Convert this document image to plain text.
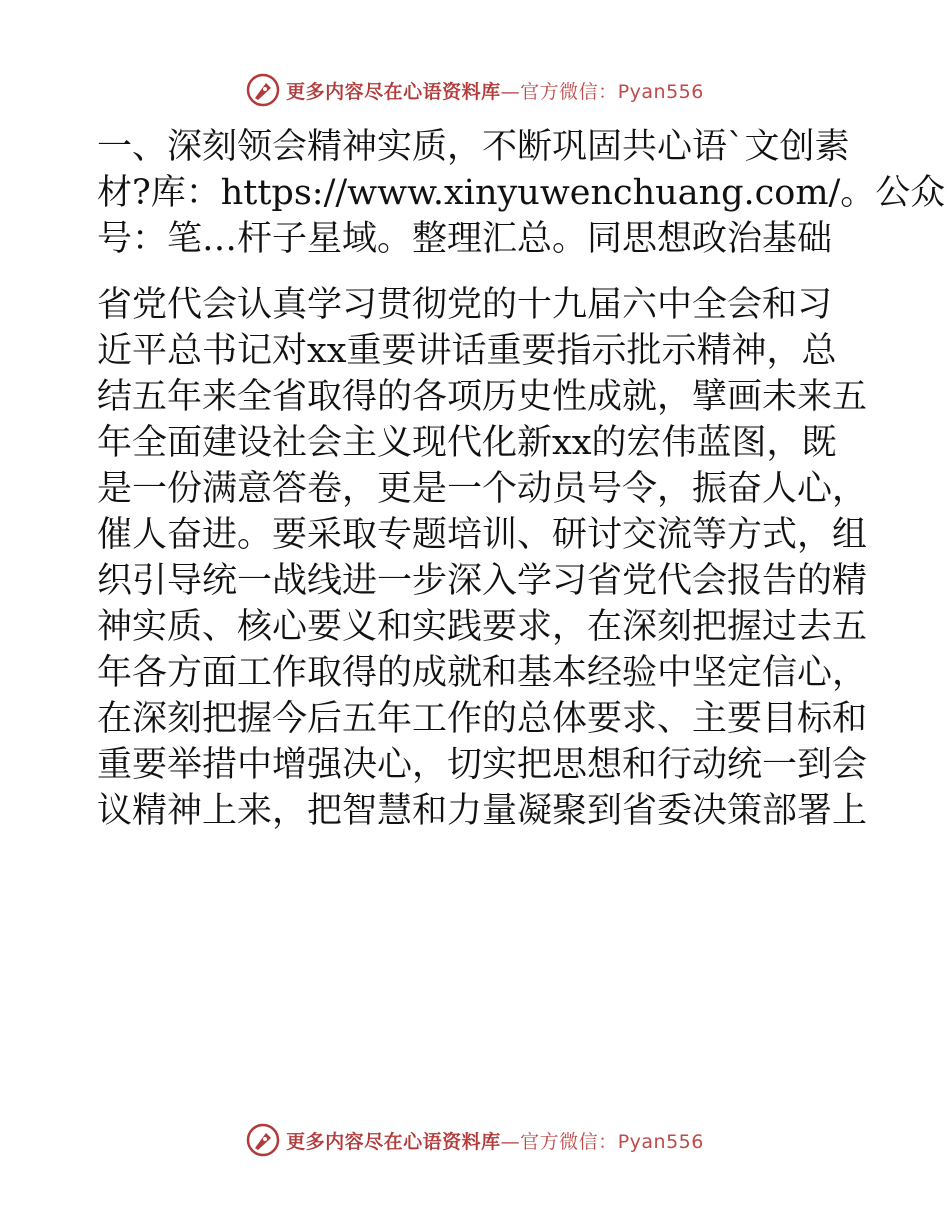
更多内容尽在心语资料库—官方微信：Pyan556

一、深刻领会精神实质，不断巩固共心语`文创素
材?库：https://www.xinyuwenchuang.com/。公众
号：笔…杆子星域。整理汇总。同思想政治基础

省党代会认真学习贯彻党的十九届六中全会和习
近平总书记对xx重要讲话重要指示批示精神，总
结五年来全省取得的各项历史性成就，擘画未来五
年全面建设社会主义现代化新xx的宏伟蓝图，既
是一份满意答卷，更是一个动员号令，振奋人心，
催人奋进。要采取专题培训、研讨交流等方式，组
织引导统一战线进一步深入学习省党代会报告的精
神实质、核心要义和实践要求，在深刻把握过去五
年各方面工作取得的成就和基本经验中坚定信心，
在深刻把握今后五年工作的总体要求、主要目标和
重要举措中增强决心，切实把思想和行动统一到会
议精神上来，把智慧和力量凝聚到省委决策部署上

更多内容尽在心语资料库—官方微信：Pyan556
